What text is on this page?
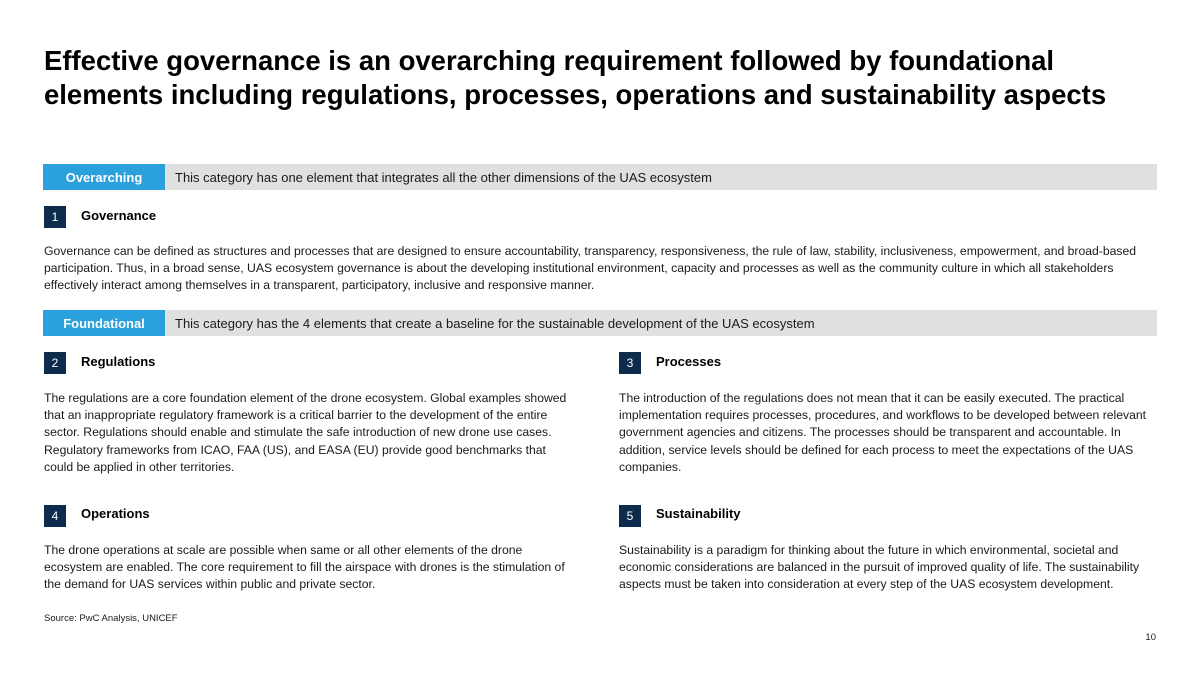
Effective governance is an overarching requirement followed by foundational elements including regulations, processes, operations and sustainability aspects
Overarching	This category has one element that integrates all the other dimensions of the UAS ecosystem
1	Governance

Governance can be defined as structures and processes that are designed to ensure accountability, transparency, responsiveness, the rule of law, stability, inclusiveness, empowerment, and broad-based participation. Thus, in a broad sense, UAS ecosystem governance is about the developing institutional environment, capacity and processes as well as the community culture in which all stakeholders effectively interact among themselves in a transparent, participatory, inclusive and responsive manner.

Foundational	This category has the 4 elements that create a baseline for the sustainable development of the UAS ecosystem
2	Regulations

The regulations are a core foundation element of the drone ecosystem. Global examples showed that an inappropriate regulatory framework is a critical barrier to the development of the entire sector. Regulations should enable and stimulate the safe introduction of new drone use cases. Regulatory frameworks from ICAO, FAA (US), and EASA (EU) provide good benchmarks that could be applied in other territories.

3	Processes

The introduction of the regulations does not mean that it can be easily executed. The practical implementation requires processes, procedures, and workflows to be developed between relevant government agencies and citizens. The processes should be transparent and accountable. In addition, service levels should be defined for each process to meet the expectations of the UAS companies.

4	Operations

The drone operations at scale are possible when same or all other elements of the drone ecosystem are enabled. The core requirement to fill the airspace with drones is the stimulation of the demand for UAS services within public and private sector.

5	Sustainability

Sustainability is a paradigm for thinking about the future in which environmental, societal and economic considerations are balanced in the pursuit of improved quality of life. The sustainability aspects must be taken into consideration at every step of the UAS ecosystem development.

Source: PwC Analysis, UNICEF
10
